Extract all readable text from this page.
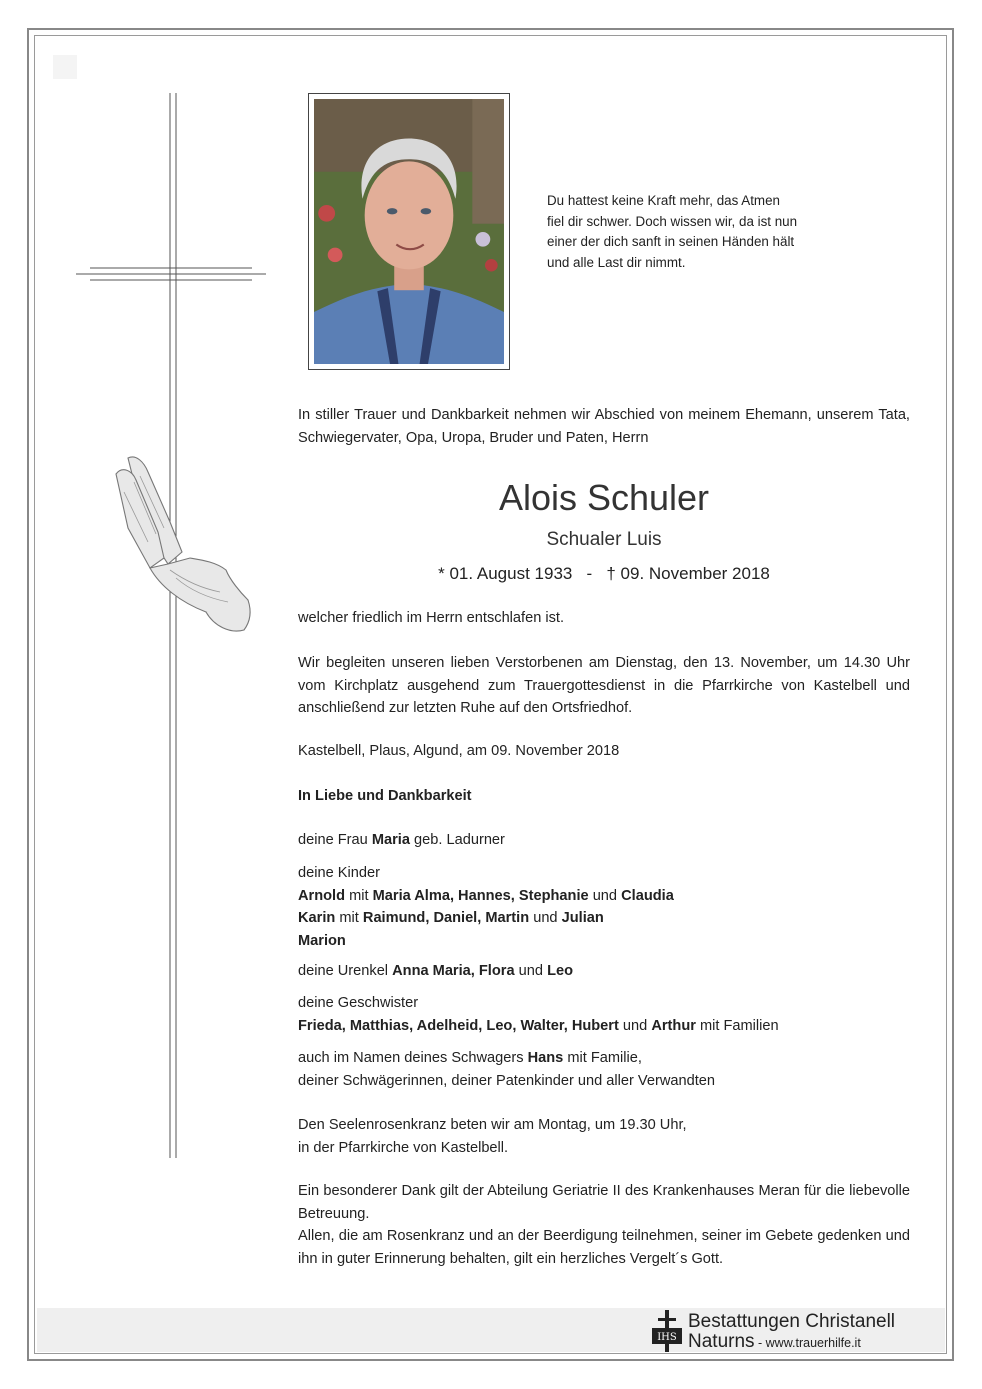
Du hattest keine Kraft mehr, das Atmen
fiel dir schwer. Doch wissen wir, da ist nun
einer der dich sanft in seinen Händen hält
und alle Last dir nimmt.
In stiller Trauer und Dankbarkeit nehmen wir Abschied von meinem Ehemann, unserem Tata, Schwiegervater, Opa, Uropa, Bruder und Paten, Herrn
Alois Schuler
Schualer Luis
* 01. August 1933 - † 09. November 2018
welcher friedlich im Herrn entschlafen ist.
Wir begleiten unseren lieben Verstorbenen am Dienstag, den 13. November, um 14.30 Uhr vom Kirchplatz ausgehend zum Trauergottesdienst in die Pfarrkirche von Kastelbell und anschließend zur letzten Ruhe auf den Ortsfriedhof.
Kastelbell, Plaus, Algund, am 09. November 2018
In Liebe und Dankbarkeit
deine Frau Maria geb. Ladurner
deine Kinder
Arnold mit Maria Alma, Hannes, Stephanie und Claudia
Karin mit Raimund, Daniel, Martin und Julian
Marion
deine Urenkel Anna Maria, Flora und Leo
deine Geschwister
Frieda, Matthias, Adelheid, Leo, Walter, Hubert und Arthur mit Familien
auch im Namen deines Schwagers Hans mit Familie,
deiner Schwägerinnen, deiner Patenkinder und aller Verwandten
Den Seelenrosenkranz beten wir am Montag, um 19.30 Uhr,
in der Pfarrkirche von Kastelbell.
Ein besonderer Dank gilt der Abteilung Geriatrie II des Krankenhauses Meran für die liebevolle Betreuung.
Allen, die am Rosenkranz und an der Beerdigung teilnehmen, seiner im Gebete gedenken und ihn in guter Erinnerung behalten, gilt ein herzliches Vergelt´s Gott.
IHS
Bestattungen Christanell
Naturns - www.trauerhilfe.it
